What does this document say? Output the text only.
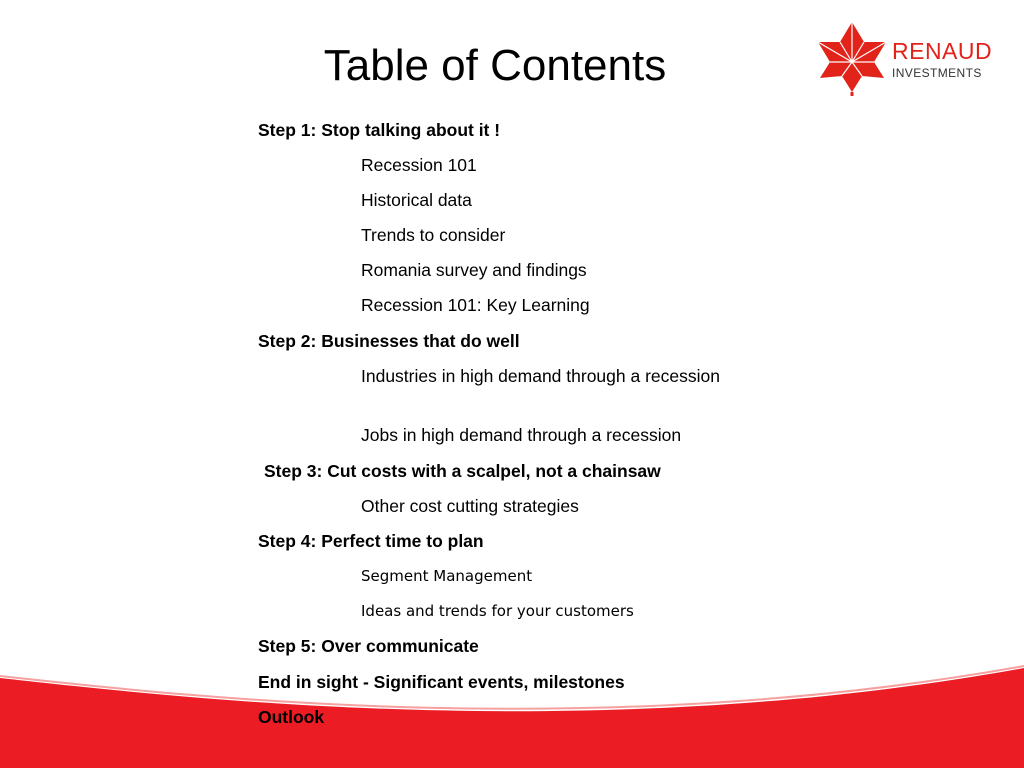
Table of Contents	RENAUD
INVESTMENTS
Step 1: Stop talking about it !
Recession 101
Historical data
Trends to consider
Romania survey and findings
Recession 101: Key Learning
Step 2: Businesses that do well
Industries in high demand through a recession
Jobs in high demand through a recession
Step 3: Cut costs with a scalpel, not a chainsaw
Other cost cutting strategies
Step 4: Perfect time to plan
Segment Management
Ideas and trends for your customers
Step 5: Over communicate
End in sight - Significant events, milestones
Outlook
